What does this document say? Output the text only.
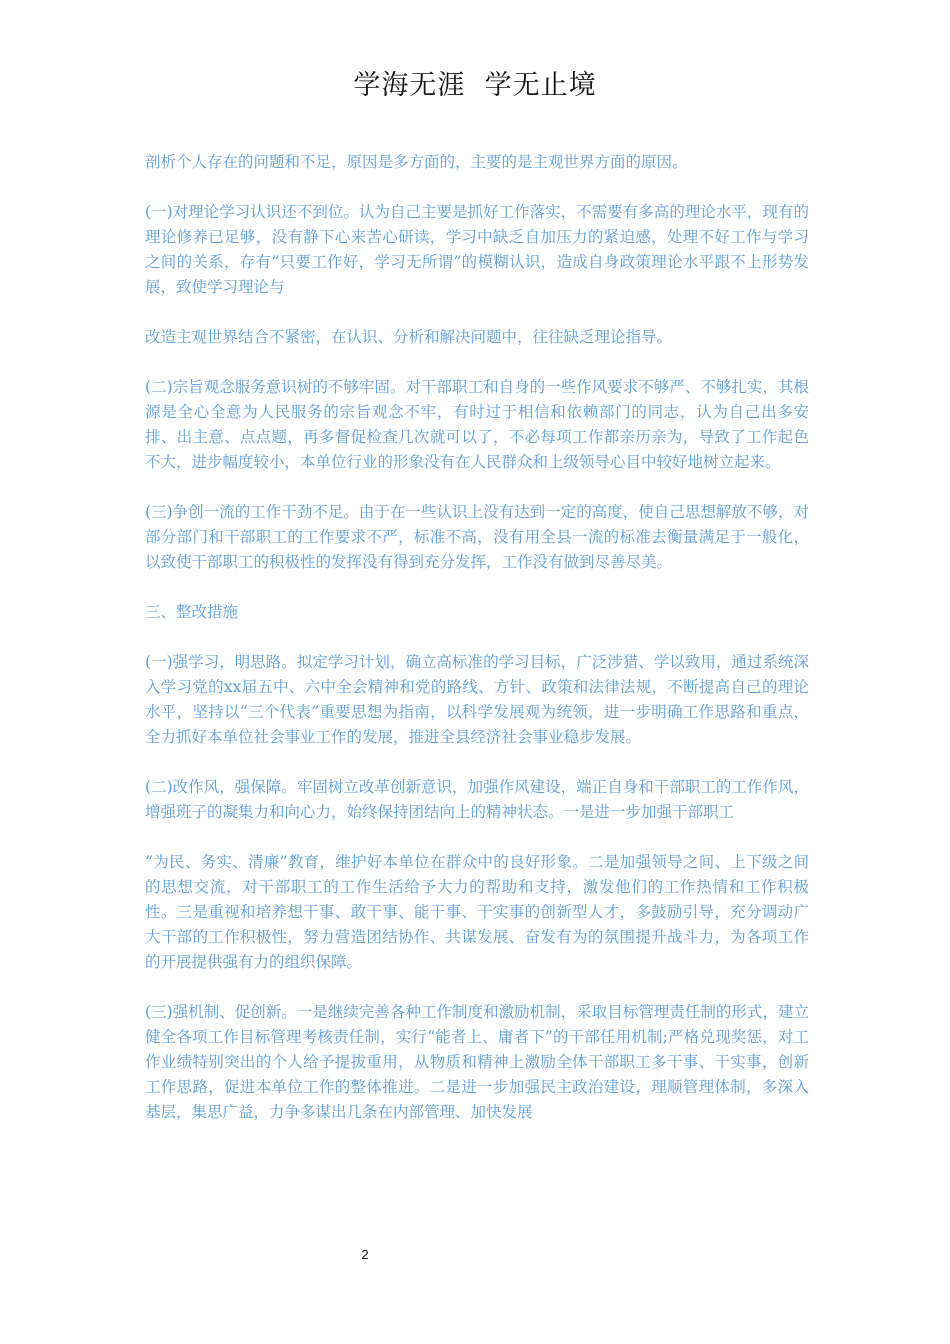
学海无涯  学无止境

剖析个人存在的问题和不足，原因是多方面的，主要的是主观世界方面的原因。

(一)对理论学习认识还不到位。认为自己主要是抓好工作落实，不需要有多高的理论水平，现有的理论修养已足够，没有静下心来苦心研读，学习中缺乏自加压力的紧迫感，处理不好工作与学习之间的关系，存有“只要工作好，学习无所谓”的模糊认识，造成自身政策理论水平跟不上形势发展，致使学习理论与

改造主观世界结合不紧密，在认识、分析和解决问题中，往往缺乏理论指导。

(二)宗旨观念服务意识树的不够牢固。对干部职工和自身的一些作风要求不够严、不够扎实，其根源是全心全意为人民服务的宗旨观念不牢，有时过于相信和依赖部门的同志，认为自己出多安排、出主意、点点题，再多督促检查几次就可以了，不必每项工作都亲历亲为，导致了工作起色不大，进步幅度较小，本单位行业的形象没有在人民群众和上级领导心目中较好地树立起来。

(三)争创一流的工作干劲不足。由于在一些认识上没有达到一定的高度，使自己思想解放不够，对部分部门和干部职工的工作要求不严，标准不高，没有用全县一流的标准去衡量满足于一般化，以致使干部职工的积极性的发挥没有得到充分发挥，工作没有做到尽善尽美。

三、整改措施

(一)强学习，明思路。拟定学习计划，确立高标准的学习目标，广泛涉猎、学以致用，通过系统深入学习党的xx届五中、六中全会精神和党的路线、方针、政策和法律法规，不断提高自己的理论水平，坚持以“三个代表”重要思想为指南，以科学发展观为统领，进一步明确工作思路和重点，全力抓好本单位社会事业工作的发展，推进全县经济社会事业稳步发展。

(二)改作风，强保障。牢固树立改革创新意识，加强作风建设，端正自身和干部职工的工作作风，增强班子的凝集力和向心力，始终保持团结向上的精神状态。一是进一步加强干部职工

“为民、务实、清廉”教育，维护好本单位在群众中的良好形象。二是加强领导之间、上下级之间的思想交流，对干部职工的工作生活给予大力的帮助和支持，激发他们的工作热情和工作积极性。三是重视和培养想干事、敢干事、能干事、干实事的创新型人才，多鼓励引导，充分调动广大干部的工作积极性，努力营造团结协作、共谋发展、奋发有为的氛围提升战斗力，为各项工作的开展提供强有力的组织保障。

(三)强机制、促创新。一是继续完善各种工作制度和激励机制，采取目标管理责任制的形式，建立健全各项工作目标管理考核责任制，实行“能者上、庸者下”的干部任用机制;严格兑现奖惩，对工作业绩特别突出的个人给予提拔重用，从物质和精神上激励全体干部职工多干事、干实事，创新工作思路，促进本单位工作的整体推进。二是进一步加强民主政治建设，理顺管理体制，多深入基层，集思广益，力争多谋出几条在内部管理、加快发展

2
